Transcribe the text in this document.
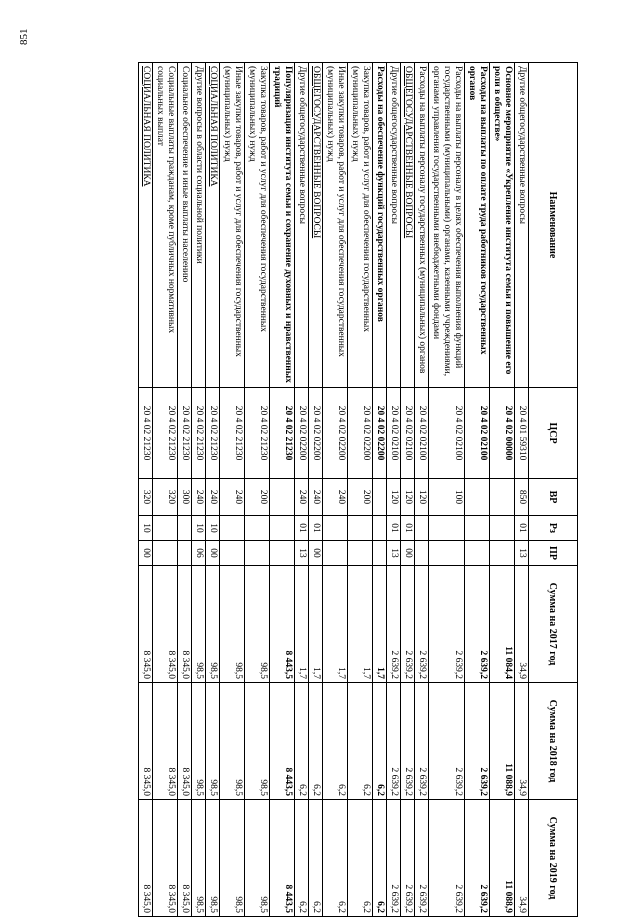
851
Наименование	ЦСР	ВР	Рз	ПР	Сумма на 2017 год	Сумма на 2018 год	Сумма на 2019 год
Другие общегосударственные вопросы	20 4 01 59310	850	01	13	34,9	34,9	34,9
Основное мероприятие «Укрепление института семьи и повышение его роли в обществе»	20 4 02 00000				11 084,4	11 088,9	11 088,9
Расходы на выплаты по оплате труда работников государственных органов	20 4 02 02100				2 639,2	2 639,2	2 639,2
Расходы на выплаты персоналу в целях обеспечения выполнения функций государственными (муниципальными) органами, казенными учреждениями, органами управления государственными внебюджетными фондами	20 4 02 02100	100			2 639,2	2 639,2	2 639,2
Расходы на выплаты персоналу государственных (муниципальных) органов	20 4 02 02100	120			2 639,2	2 639,2	2 639,2
ОБЩЕГОСУДАРСТВЕННЫЕ ВОПРОСЫ	20 4 02 02100	120	01	00	2 639,2	2 639,2	2 639,2
Другие общегосударственные вопросы	20 4 02 02100	120	01	13	2 639,2	2 639,2	2 639,2
Расходы на обеспечение функций государственных органов	20 4 02 02200				1,7	6,2	6,2
Закупка товаров, работ и услуг для обеспечения государственных (муниципальных) нужд	20 4 02 02200	200			1,7	6,2	6,2
Иные закупки товаров, работ и услуг для обеспечения государственных (муниципальных) нужд	20 4 02 02200	240			1,7	6,2	6,2
ОБЩЕГОСУДАРСТВЕННЫЕ ВОПРОСЫ	20 4 02 02200	240	01	00	1,7	6,2	6,2
Другие общегосударственные вопросы	20 4 02 02200	240	01	13	1,7	6,2	6,2
Популяризация института семьи и сохранение духовных и нравственных традиций	20 4 02 21230				8 443,5	8 443,5	8 443,5
Закупка товаров, работ и услуг для обеспечения государственных (муниципальных) нужд	20 4 02 21230	200			98,5	98,5	98,5
Иные закупки товаров, работ и услуг для обеспечения государственных (муниципальных) нужд	20 4 02 21230	240			98,5	98,5	98,5
СОЦИАЛЬНАЯ ПОЛИТИКА	20 4 02 21230	240	10	00	98,5	98,5	98,5
Другие вопросы в области социальной политики	20 4 02 21230	240	10	06	98,5	98,5	98,5
Социальное обеспечение и иные выплаты населению	20 4 02 21230	300			8 345,0	8 345,0	8 345,0
Социальные выплаты гражданам, кроме публичных нормативных социальных выплат	20 4 02 21230	320			8 345,0	8 345,0	8 345,0
СОЦИАЛЬНАЯ ПОЛИТИКА	20 4 02 21230	320	10	00	8 345,0	8 345,0	8 345,0
